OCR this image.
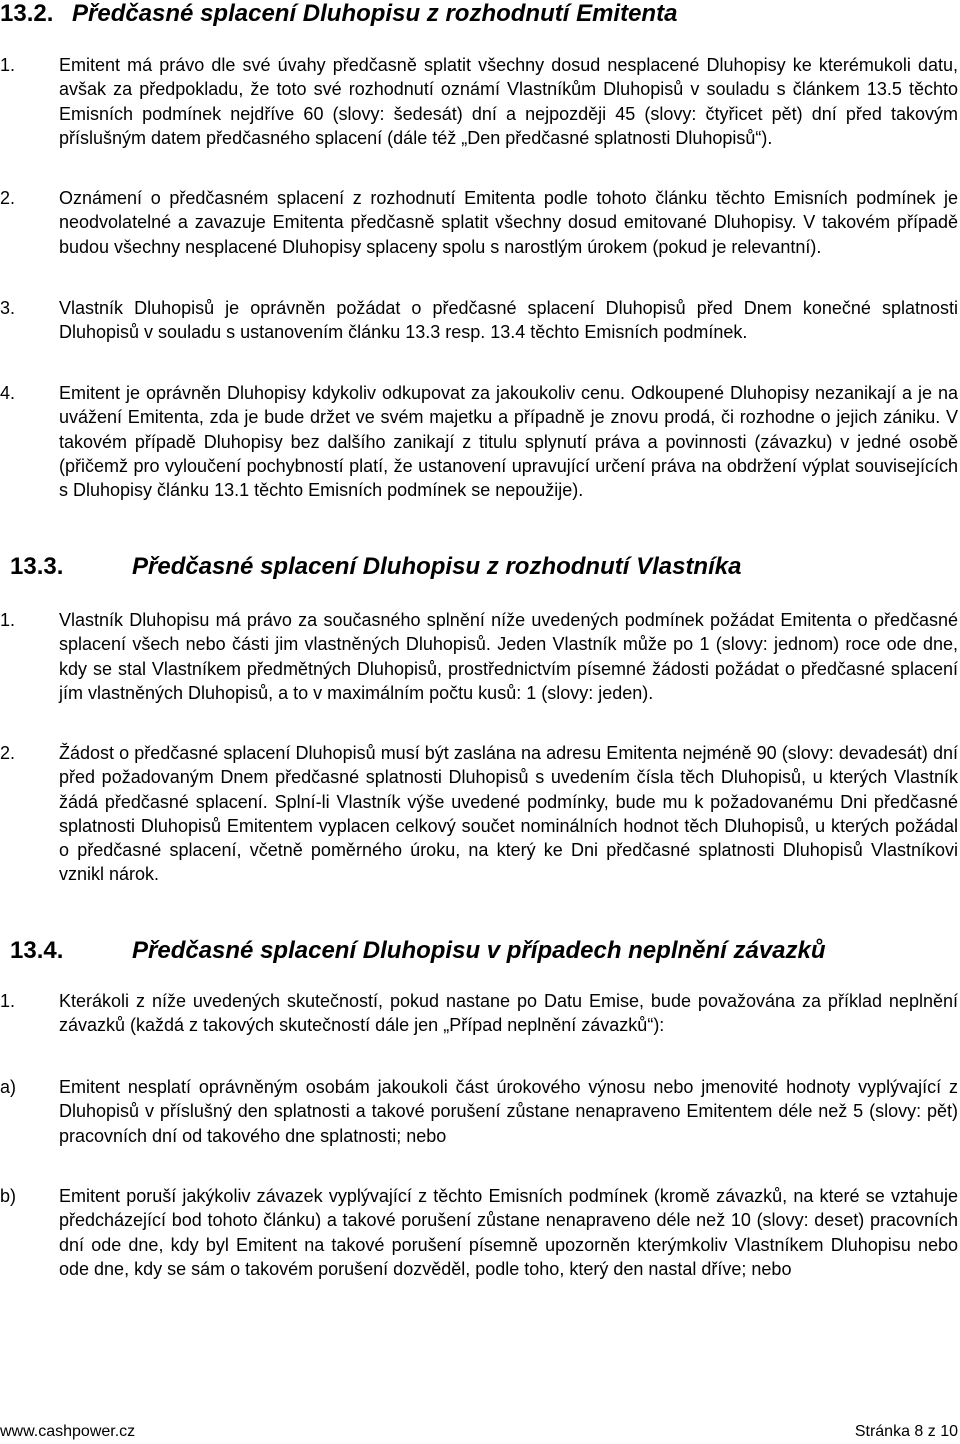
13.2. Předčasné splacení Dluhopisu z rozhodnutí Emitenta
1. Emitent má právo dle své úvahy předčasně splatit všechny dosud nesplacené Dluhopisy ke kterémukoli datu, avšak za předpokladu, že toto své rozhodnutí oznámí Vlastníkům Dluhopisů v souladu s článkem 13.5 těchto Emisních podmínek nejdříve 60 (slovy: šedesát) dní a nejpozději 45 (slovy: čtyřicet pět) dní před takovým příslušným datem předčasného splacení (dále též „Den předčasné splatnosti Dluhopisů“).
2. Oznámení o předčasném splacení z rozhodnutí Emitenta podle tohoto článku těchto Emisních podmínek je neodvolatelné a zavazuje Emitenta předčasně splatit všechny dosud emitované Dluhopisy. V takovém případě budou všechny nesplacené Dluhopisy splaceny spolu s narostlým úrokem (pokud je relevantní).
3. Vlastník Dluhopisů je oprávněn požádat o předčasné splacení Dluhopisů před Dnem konečné splatnosti Dluhopisů v souladu s ustanovením článku 13.3 resp. 13.4 těchto Emisních podmínek.
4. Emitent je oprávněn Dluhopisy kdykoliv odkupovat za jakoukoliv cenu. Odkoupené Dluhopisy nezanikají a je na uvážení Emitenta, zda je bude držet ve svém majetku a případně je znovu prodá, či rozhodne o jejich zániku. V takovém případě Dluhopisy bez dalšího zanikají z titulu splynutí práva a povinnosti (závazku) v jedné osobě (přičemž pro vyloučení pochybností platí, že ustanovení upravující určení práva na obdržení výplat souvisejících s Dluhopisy článku 13.1 těchto Emisních podmínek se nepoužije).
13.3.	Předčasné splacení Dluhopisu z rozhodnutí Vlastníka
1. Vlastník Dluhopisu má právo za současného splnění níže uvedených podmínek požádat Emitenta o předčasné splacení všech nebo části jim vlastněných Dluhopisů. Jeden Vlastník může po 1 (slovy: jednom) roce ode dne, kdy se stal Vlastníkem předmětných Dluhopisů, prostřednictvím písemné žádosti požádat o předčasné splacení jím vlastněných Dluhopisů, a to v maximálním počtu kusů: 1 (slovy: jeden).
2. Žádost o předčasné splacení Dluhopisů musí být zaslána na adresu Emitenta nejméně 90 (slovy: devadesát) dní před požadovaným Dnem předčasné splatnosti Dluhopisů s uvedením čísla těch Dluhopisů, u kterých Vlastník žádá předčasné splacení. Splní-li Vlastník výše uvedené podmínky, bude mu k požadovanému Dni předčasné splatnosti Dluhopisů Emitentem vyplacen celkový součet nominálních hodnot těch Dluhopisů, u kterých požádal o předčasné splacení, včetně poměrného úroku, na který ke Dni předčasné splatnosti Dluhopisů Vlastníkovi vznikl nárok.
13.4.	Předčasné splacení Dluhopisu v případech neplnění závazků
1. Kterákoli z níže uvedených skutečností, pokud nastane po Datu Emise, bude považována za příklad neplnění závazků (každá z takových skutečností dále jen „Případ neplnění závazků“):
a) Emitent nesplatí oprávněným osobám jakoukoli část úrokového výnosu nebo jmenovité hodnoty vyplývající z Dluhopisů v příslušný den splatnosti a takové porušení zůstane nenapraveno Emitentem déle než 5 (slovy: pět) pracovních dní od takového dne splatnosti; nebo
b) Emitent poruší jakýkoliv závazek vyplývající z těchto Emisních podmínek (kromě závazků, na které se vztahuje předcházející bod tohoto článku) a takové porušení zůstane nenapraveno déle než 10 (slovy: deset) pracovních dní ode dne, kdy byl Emitent na takové porušení písemně upozorněn kterýmkoliv Vlastníkem Dluhopisu nebo ode dne, kdy se sám o takovém porušení dozvěděl, podle toho, který den nastal dříve; nebo
www.cashpower.cz	Stránka 8 z 10
